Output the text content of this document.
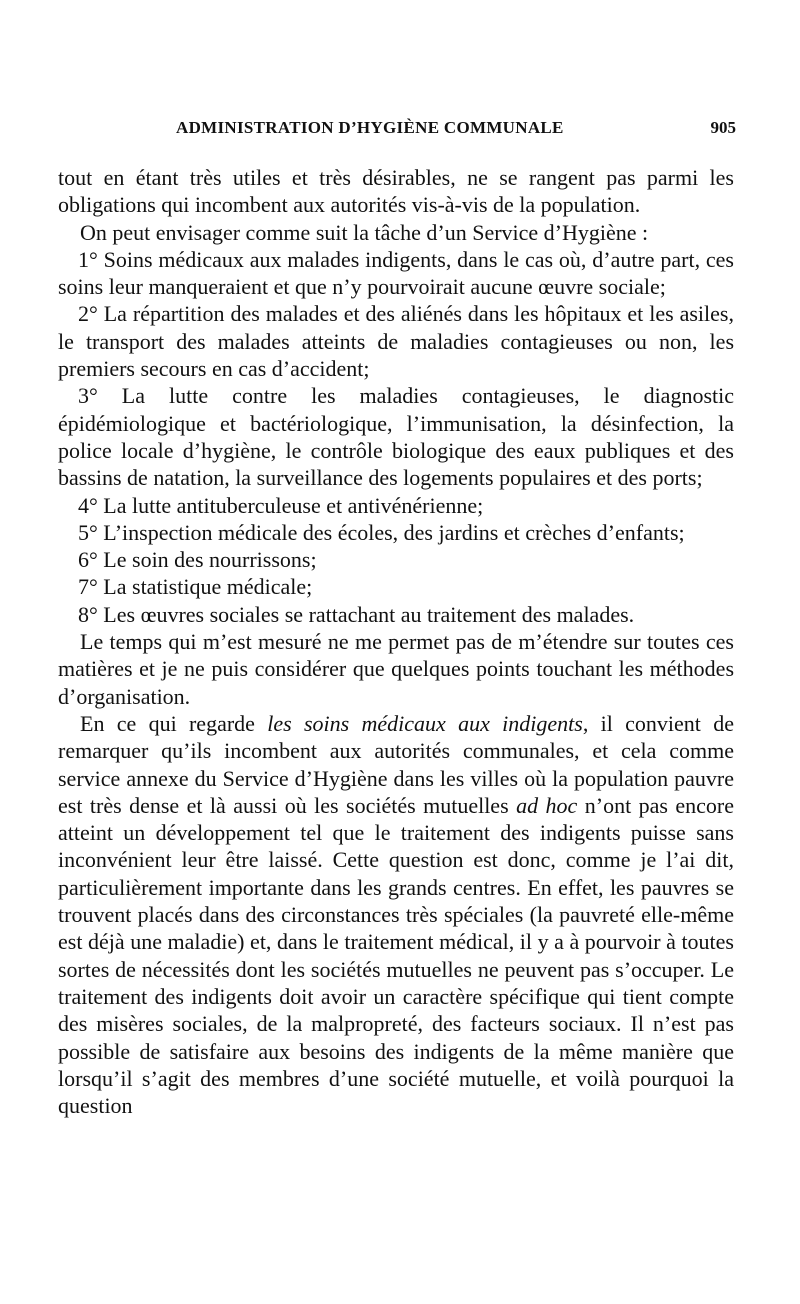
ADMINISTRATION D’HYGIÈNE COMMUNALE	905

tout en étant très utiles et très désirables, ne se rangent pas parmi les obligations qui incombent aux autorités vis-à-vis de la population.

On peut envisager comme suit la tâche d’un Service d’Hygiène :

1° Soins médicaux aux malades indigents, dans le cas où, d’autre part, ces soins leur manqueraient et que n’y pourvoirait aucune œuvre sociale;

2° La répartition des malades et des aliénés dans les hôpitaux et les asiles, le transport des malades atteints de maladies contagieuses ou non, les premiers secours en cas d’accident;

3° La lutte contre les maladies contagieuses, le diagnostic épidémiologique et bactériologique, l’immunisation, la désinfection, la police locale d’hygiène, le contrôle biologique des eaux publiques et des bassins de natation, la surveillance des logements populaires et des ports;

4° La lutte antituberculeuse et antivénérienne;

5° L’inspection médicale des écoles, des jardins et crèches d’enfants;

6° Le soin des nourrissons;

7° La statistique médicale;

8° Les œuvres sociales se rattachant au traitement des malades.

Le temps qui m’est mesuré ne me permet pas de m’étendre sur toutes ces matières et je ne puis considérer que quelques points touchant les méthodes d’organisation.

En ce qui regarde les soins médicaux aux indigents, il convient de remarquer qu’ils incombent aux autorités communales, et cela comme service annexe du Service d’Hygiène dans les villes où la population pauvre est très dense et là aussi où les sociétés mutuelles ad hoc n’ont pas encore atteint un développement tel que le traitement des indigents puisse sans inconvénient leur être laissé. Cette question est donc, comme je l’ai dit, particulièrement importante dans les grands centres. En effet, les pauvres se trouvent placés dans des circonstances très spéciales (la pauvreté elle-même est déjà une maladie) et, dans le traitement médical, il y a à pourvoir à toutes sortes de nécessités dont les sociétés mutuelles ne peuvent pas s’occuper. Le traitement des indigents doit avoir un caractère spécifique qui tient compte des misères sociales, de la malpropreté, des facteurs sociaux. Il n’est pas possible de satisfaire aux besoins des indigents de la même manière que lorsqu’il s’agit des membres d’une société mutuelle, et voilà pourquoi la question
